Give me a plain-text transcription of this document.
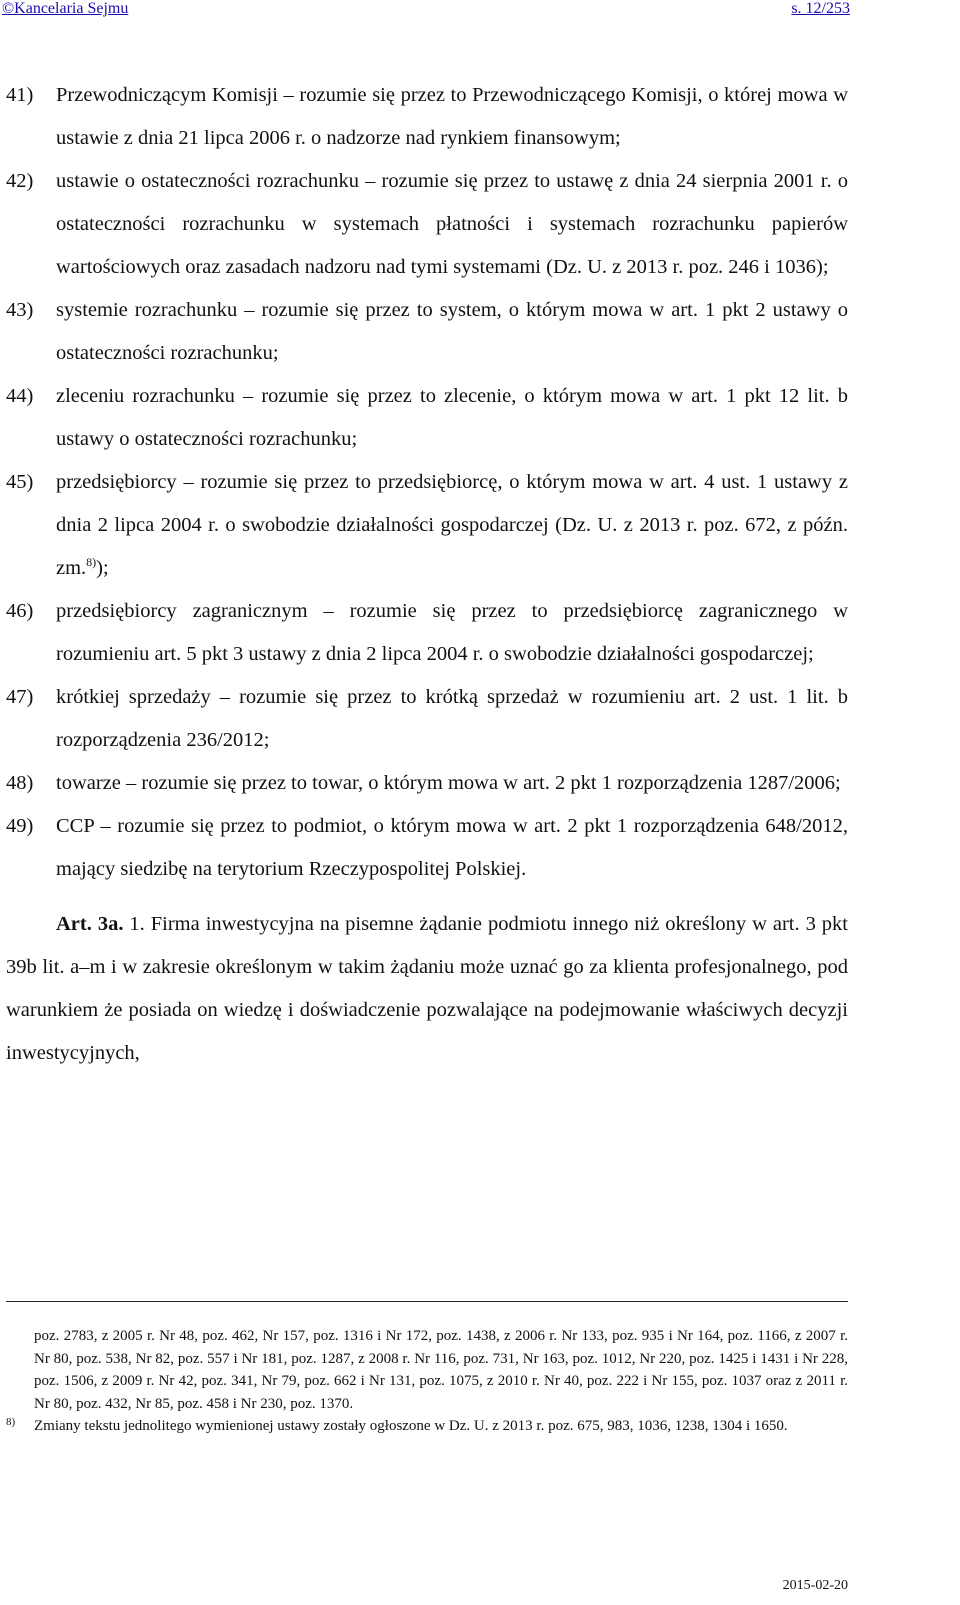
©Kancelaria Sejmu	s. 12/253
41) Przewodniczącym Komisji – rozumie się przez to Przewodniczącego Komisji, o której mowa w ustawie z dnia 21 lipca 2006 r. o nadzorze nad rynkiem finansowym;
42) ustawie o ostateczności rozrachunku – rozumie się przez to ustawę z dnia 24 sierpnia 2001 r. o ostateczności rozrachunku w systemach płatności i systemach rozrachunku papierów wartościowych oraz zasadach nadzoru nad tymi systemami (Dz. U. z 2013 r. poz. 246 i 1036);
43) systemie rozrachunku – rozumie się przez to system, o którym mowa w art. 1 pkt 2 ustawy o ostateczności rozrachunku;
44) zleceniu rozrachunku – rozumie się przez to zlecenie, o którym mowa w art. 1 pkt 12 lit. b ustawy o ostateczności rozrachunku;
45) przedsiębiorcy – rozumie się przez to przedsiębiorcę, o którym mowa w art. 4 ust. 1 ustawy z dnia 2 lipca 2004 r. o swobodzie działalności gospodarczej (Dz. U. z 2013 r. poz. 672, z późn. zm.$^{8)}$);
46) przedsiębiorcy zagranicznym – rozumie się przez to przedsiębiorcę zagranicznego w rozumieniu art. 5 pkt 3 ustawy z dnia 2 lipca 2004 r. o swobodzie działalności gospodarczej;
47) krótkiej sprzedaży – rozumie się przez to krótką sprzedaż w rozumieniu art. 2 ust. 1 lit. b rozporządzenia 236/2012;
48) towarze – rozumie się przez to towar, o którym mowa w art. 2 pkt 1 rozporządzenia 1287/2006;
49) CCP – rozumie się przez to podmiot, o którym mowa w art. 2 pkt 1 rozporządzenia 648/2012, mający siedzibę na terytorium Rzeczypospolitej Polskiej.
Art. 3a. 1. Firma inwestycyjna na pisemne żądanie podmiotu innego niż określony w art. 3 pkt 39b lit. a–m i w zakresie określonym w takim żądaniu może uznać go za klienta profesjonalnego, pod warunkiem że posiada on wiedzę i doświadczenie pozwalające na podejmowanie właściwych decyzji inwestycyjnych,
poz. 2783, z 2005 r. Nr 48, poz. 462, Nr 157, poz. 1316 i Nr 172, poz. 1438, z 2006 r. Nr 133, poz. 935 i Nr 164, poz. 1166, z 2007 r. Nr 80, poz. 538, Nr 82, poz. 557 i Nr 181, poz. 1287, z 2008 r. Nr 116, poz. 731, Nr 163, poz. 1012, Nr 220, poz. 1425 i 1431 i Nr 228, poz. 1506, z 2009 r. Nr 42, poz. 341, Nr 79, poz. 662 i Nr 131, poz. 1075, z 2010 r. Nr 40, poz. 222 i Nr 155, poz. 1037 oraz z 2011 r. Nr 80, poz. 432, Nr 85, poz. 458 i Nr 230, poz. 1370.
8) Zmiany tekstu jednolitego wymienionej ustawy zostały ogłoszone w Dz. U. z 2013 r. poz. 675, 983, 1036, 1238, 1304 i 1650.
2015-02-20
